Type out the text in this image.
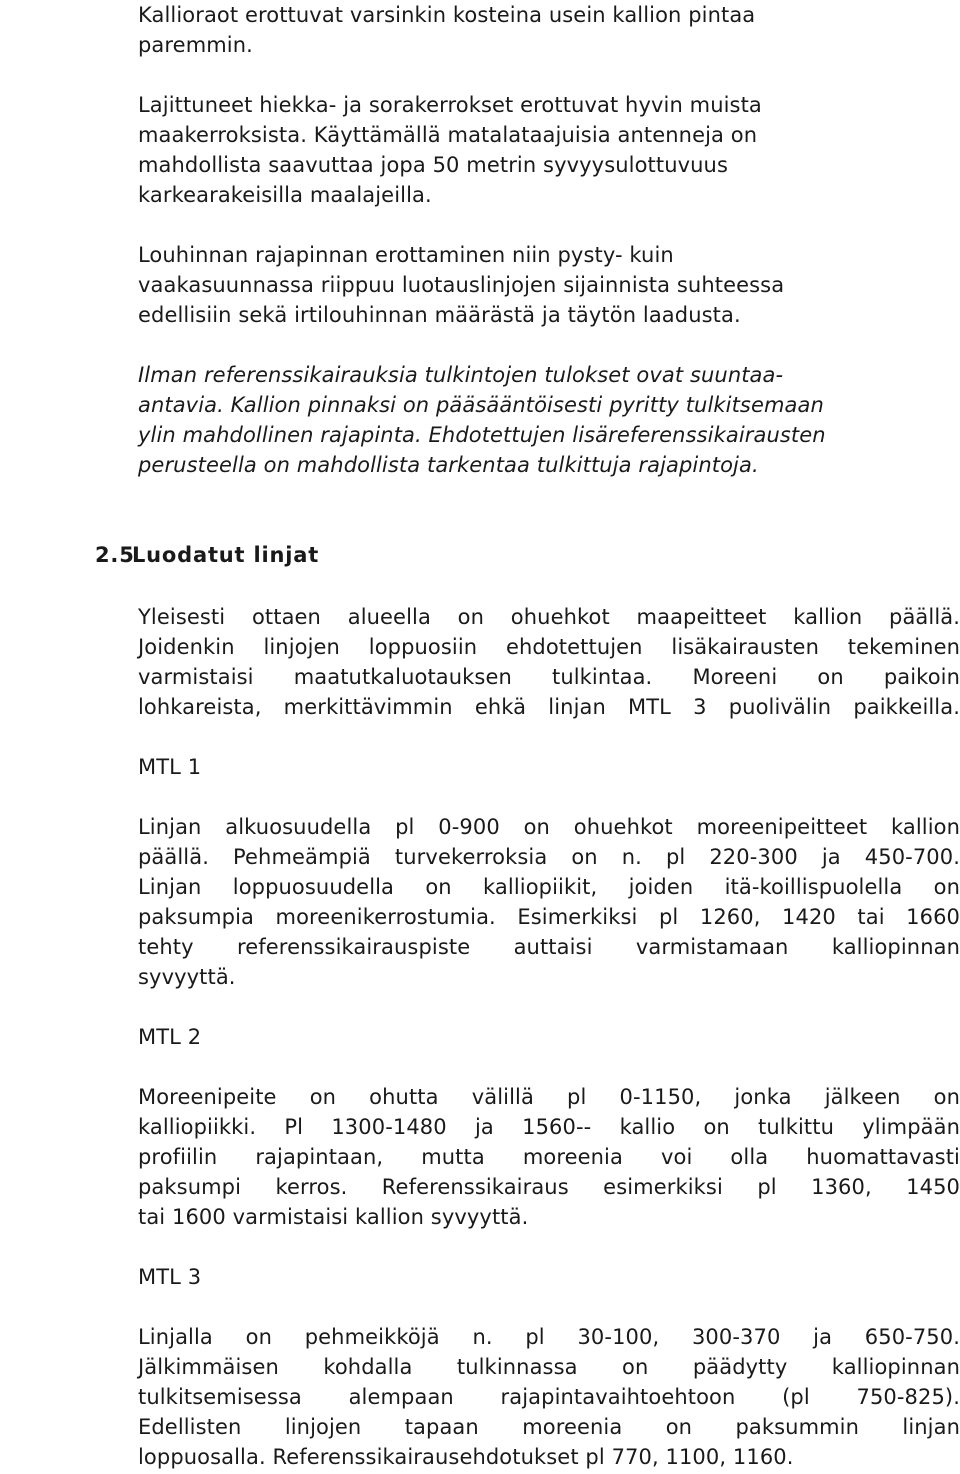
Kallioraot erottuvat varsinkin kosteina usein kallion pintaa
paremmin.
Lajittuneet hiekka- ja sorakerrokset erottuvat hyvin muista
maakerroksista. Käyttämällä matalataajuisia antenneja on
mahdollista saavuttaa jopa 50 metrin syvyysulottuvuus
karkearakeisilla maalajeilla.
Louhinnan rajapinnan erottaminen niin pysty- kuin
vaakasuunnassa riippuu luotauslinjojen sijainnista suhteessa
edellisiin sekä irtilouhinnan määrästä ja täytön laadusta.
Ilman referenssikairauksia tulkintojen tulokset ovat suuntaa-
antavia. Kallion pinnaksi on pääsääntöisesti pyritty tulkitsemaan
ylin mahdollinen rajapinta. Ehdotettujen lisäreferenssikairausten
perusteella on mahdollista tarkentaa tulkittuja rajapintoja.
2.5
Luodatut linjat
Yleisesti ottaen alueella on ohuehkot maapeitteet kallion päällä.
Joidenkin linjojen loppuosiin ehdotettujen lisäkairausten tekeminen
varmistaisi maatutkaluotauksen tulkintaa. Moreeni on paikoin
lohkareista, merkittävimmin ehkä linjan MTL 3 puolivälin paikkeilla.
MTL 1
Linjan alkuosuudella pl 0-900 on ohuehkot moreenipeitteet kallion
päällä. Pehmeämpiä turvekerroksia on n. pl 220-300 ja 450-700.
Linjan loppuosuudella on kalliopiikit, joiden itä-koillispuolella on
paksumpia moreenikerrostumia. Esimerkiksi pl 1260, 1420 tai 1660
tehty referenssikairauspiste auttaisi varmistamaan kalliopinnan
syvyyttä.
MTL 2
Moreenipeite on ohutta välillä pl 0-1150, jonka jälkeen on
kalliopiikki. Pl 1300-1480 ja 1560-- kallio on tulkittu ylimpään
profiilin rajapintaan, mutta moreenia voi olla huomattavasti
paksumpi kerros. Referenssikairaus esimerkiksi pl 1360, 1450
tai 1600 varmistaisi kallion syvyyttä.
MTL 3
Linjalla on pehmeikköjä n. pl 30-100, 300-370 ja 650-750.
Jälkimmäisen kohdalla tulkinnassa on päädytty kalliopinnan
tulkitsemisessa alempaan rajapintavaihtoehtoon (pl 750-825).
Edellisten linjojen tapaan moreenia on paksummin linjan
loppuosalla. Referenssikairausehdotukset pl 770, 1100, 1160.
